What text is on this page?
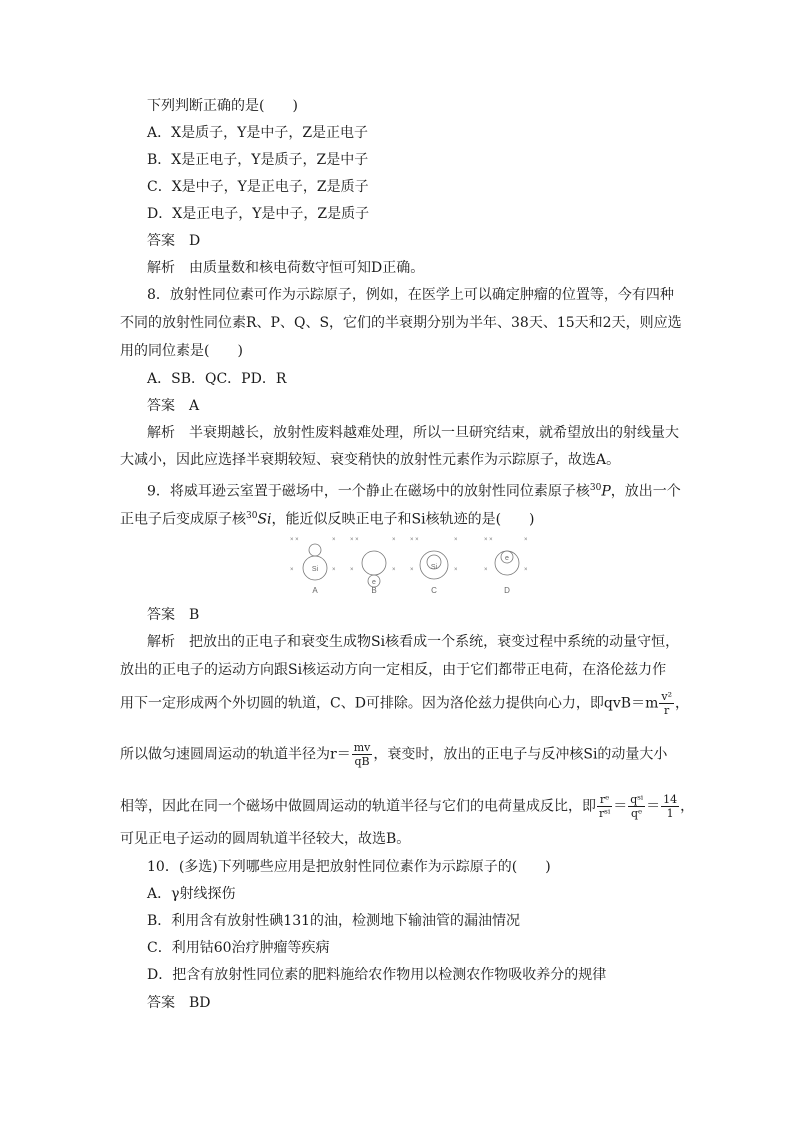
下列判断正确的是(　　)
A．X是质子，Y是中子，Z是正电子
B．X是正电子，Y是质子，Z是中子
C．X是中子，Y是正电子，Z是质子
D．X是正电子，Y是中子，Z是质子
答案　D
解析　由质量数和核电荷数守恒可知D正确。
8．放射性同位素可作为示踪原子，例如，在医学上可以确定肿瘤的位置等，今有四种
不同的放射性同位素R、P、Q、S，它们的半衰期分别为半年、38天、15天和2天，则应选
用的同位素是(　　)
A．SB．QC．PD．R
答案　A
解析　半衰期越长，放射性废料越难处理，所以一旦研究结束，就希望放出的射线量大
大减小，因此应选择半衰期较短、衰变稍快的放射性元素作为示踪原子，故选A。
9．将威耳逊云室置于磁场中，一个静止在磁场中的放射性同位素原子核$^{30}$P，放出一个
正电子后变成原子核$^{30}$Si，能近似反映正电子和Si核轨迹的是(　　)
× ×	× × ×	× × ×	×	× ×	×
×	× ×	× ×	×	×	×
Si
e
Si
e
A	B	C	D
答案　B
解析　把放出的正电子和衰变生成物Si核看成一个系统，衰变过程中系统的动量守恒，
放出的正电子的运动方向跟Si核运动方向一定相反，由于它们都带正电荷，在洛伦兹力作
用下一定形成两个外切圆的轨道，C、D可排除。因为洛伦兹力提供向心力，即$qvB=m \frac{\text{v²}}{r}$ ，
所以做匀速圆周运动的轨道半径为$r= \frac{mv}{qB}$ ，衰变时，放出的正电子与反冲核Si的动量大小
相等，因此在同一个磁场中做圆周运动的轨道半径与它们的电荷量成反比，即 $\frac{\text{rᵉ}}{\text{rˢⁱ}} = \frac{\text{qˢⁱ}}{\text{qᵉ}} = \frac{14}{1}$ ，
可见正电子运动的圆周轨道半径较大，故选B。
10．(多选)下列哪些应用是把放射性同位素作为示踪原子的(　　)
A．γ射线探伤
B．利用含有放射性碘131的油，检测地下输油管的漏油情况
C．利用钴60治疗肿瘤等疾病
D．把含有放射性同位素的肥料施给农作物用以检测农作物吸收养分的规律
答案　BD
